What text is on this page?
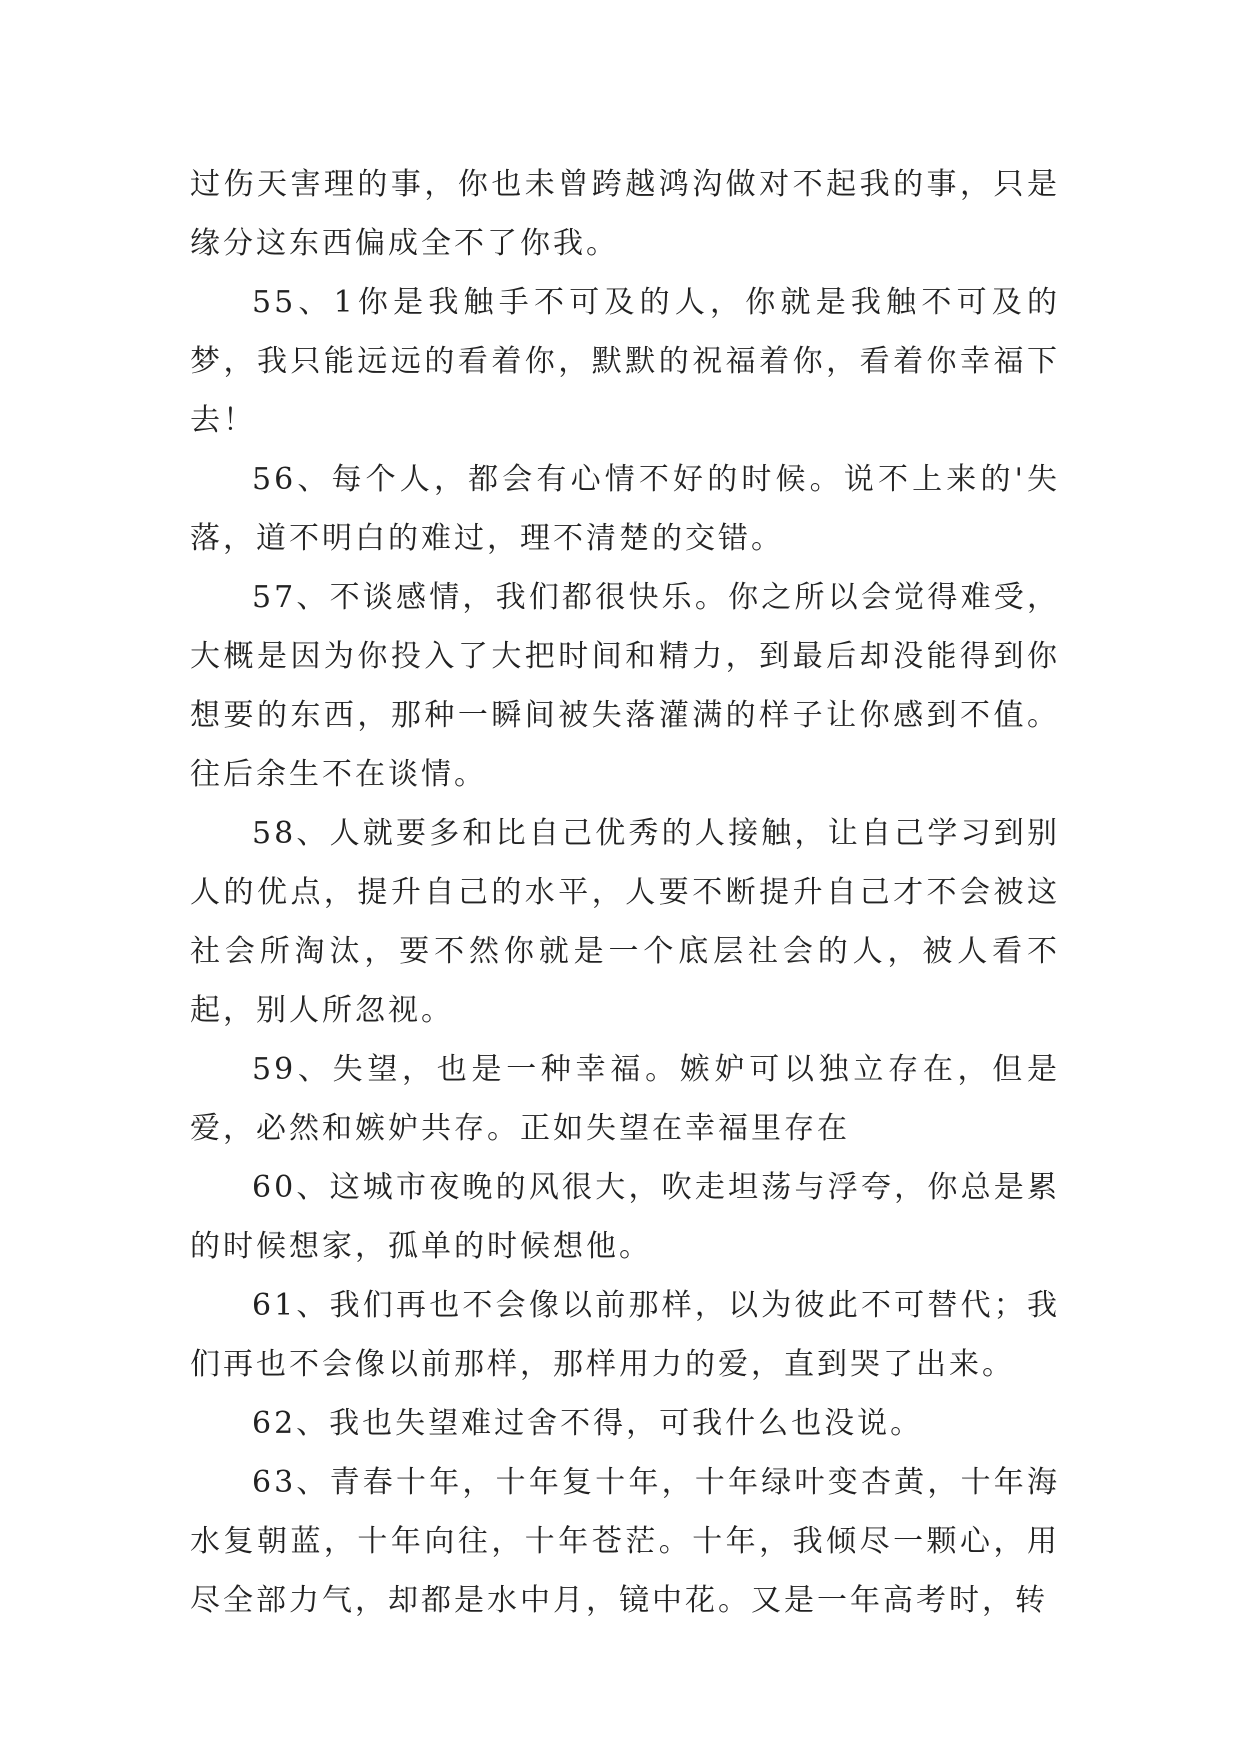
过伤天害理的事，你也未曾跨越鸿沟做对不起我的事，只是缘分这东西偏成全不了你我。

55、1你是我触手不可及的人，你就是我触不可及的梦，我只能远远的看着你，默默的祝福着你，看着你幸福下去！

56、每个人，都会有心情不好的时候。说不上来的'失落，道不明白的难过，理不清楚的交错。

57、不谈感情，我们都很快乐。你之所以会觉得难受，大概是因为你投入了大把时间和精力，到最后却没能得到你想要的东西，那种一瞬间被失落灌满的样子让你感到不值。往后余生不在谈情。

58、人就要多和比自己优秀的人接触，让自己学习到别人的优点，提升自己的水平，人要不断提升自己才不会被这社会所淘汰，要不然你就是一个底层社会的人，被人看不起，别人所忽视。

59、失望，也是一种幸福。嫉妒可以独立存在，但是爱，必然和嫉妒共存。正如失望在幸福里存在

60、这城市夜晚的风很大，吹走坦荡与浮夸，你总是累的时候想家，孤单的时候想他。

61、我们再也不会像以前那样，以为彼此不可替代；我们再也不会像以前那样，那样用力的爱，直到哭了出来。

62、我也失望难过舍不得，可我什么也没说。

63、青春十年，十年复十年，十年绿叶变杏黄，十年海水复朝蓝，十年向往，十年苍茫。十年，我倾尽一颗心，用尽全部力气，却都是水中月，镜中花。又是一年高考时，转
